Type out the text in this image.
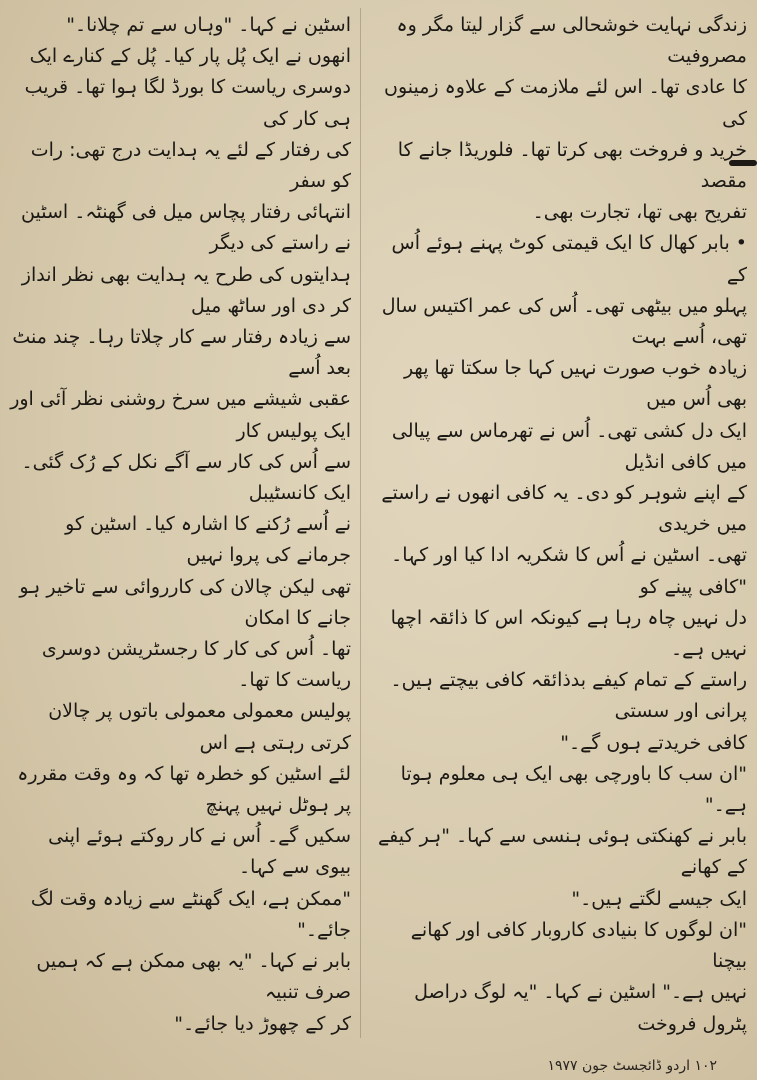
زندگی نہایت خوشحالی سے گزار لیتا مگر وہ مصروفیت

کا عادی تھا۔ اس لئے ملازمت کے علاوہ زمینوں کی

خرید و فروخت بھی کرتا تھا۔ فلوریڈا جانے کا مقصد

تفریح بھی تھا، تجارت بھی۔

• بابر کھال کا ایک قیمتی کوٹ پہنے ہوئے اُس کے

پہلو میں بیٹھی تھی۔ اُس کی عمر اکتیس سال تھی، اُسے بہت

زیادہ خوب صورت نہیں کہا جا سکتا تھا پھر بھی اُس میں

ایک دل کشی تھی۔ اُس نے تھرماس سے پیالی میں کافی انڈیل

کے اپنے شوہر کو دی۔ یہ کافی انھوں نے راستے میں خریدی

تھی۔ اسٹین نے اُس کا شکریہ ادا کیا اور کہا۔ "کافی پینے کو

دل نہیں چاہ رہا ہے کیونکہ اس کا ذائقہ اچھا نہیں ہے۔

راستے کے تمام کیفے بدذائقہ کافی بیچتے ہیں۔ پرانی اور سستی

کافی خریدتے ہوں گے۔"

"ان سب کا باورچی بھی ایک ہی معلوم ہوتا ہے۔"

بابر نے کھنکتی ہوئی ہنسی سے کہا۔ "ہر کیفے کے کھانے

ایک جیسے لگتے ہیں۔"

"ان لوگوں کا بنیادی کاروبار کافی اور کھانے بیچنا

نہیں ہے۔" اسٹین نے کہا۔ "یہ لوگ دراصل پٹرول فروخت

اسٹین نے کہا۔ "وہاں سے تم چلانا۔"

انھوں نے ایک پُل پار کیا۔ پُل کے کنارے ایک

دوسری ریاست کا بورڈ لگا ہوا تھا۔ قریب ہی کار کی

کی رفتار کے لئے یہ ہدایت درج تھی: رات کو سفر

انتہائی رفتار پچاس میل فی گھنٹہ۔ اسٹین نے راستے کی دیگر

ہدایتوں کی طرح یہ ہدایت بھی نظر انداز کر دی اور ساٹھ میل

سے زیادہ رفتار سے کار چلاتا رہا۔ چند منٹ بعد اُسے

عقبی شیشے میں سرخ روشنی نظر آئی اور ایک پولیس کار

سے اُس کی کار سے آگے نکل کے رُک گئی۔ ایک کانسٹیبل

نے اُسے رُکنے کا اشارہ کیا۔ اسٹین کو جرمانے کی پروا نہیں

تھی لیکن چالان کی کارروائی سے تاخیر ہو جانے کا امکان

تھا۔ اُس کی کار کا رجسٹریشن دوسری ریاست کا تھا۔

پولیس معمولی معمولی باتوں پر چالان کرتی رہتی ہے اس

لئے اسٹین کو خطرہ تھا کہ وہ وقت مقررہ پر ہوٹل نہیں پہنچ

سکیں گے۔ اُس نے کار روکتے ہوئے اپنی بیوی سے کہا۔

"ممکن ہے، ایک گھنٹے سے زیادہ وقت لگ جائے۔"

بابر نے کہا۔ "یہ بھی ممکن ہے کہ ہمیں صرف تنبیہ

کر کے چھوڑ دیا جائے۔"

۱۰۲ اردو ڈائجسٹ جون ۱۹۷۷
